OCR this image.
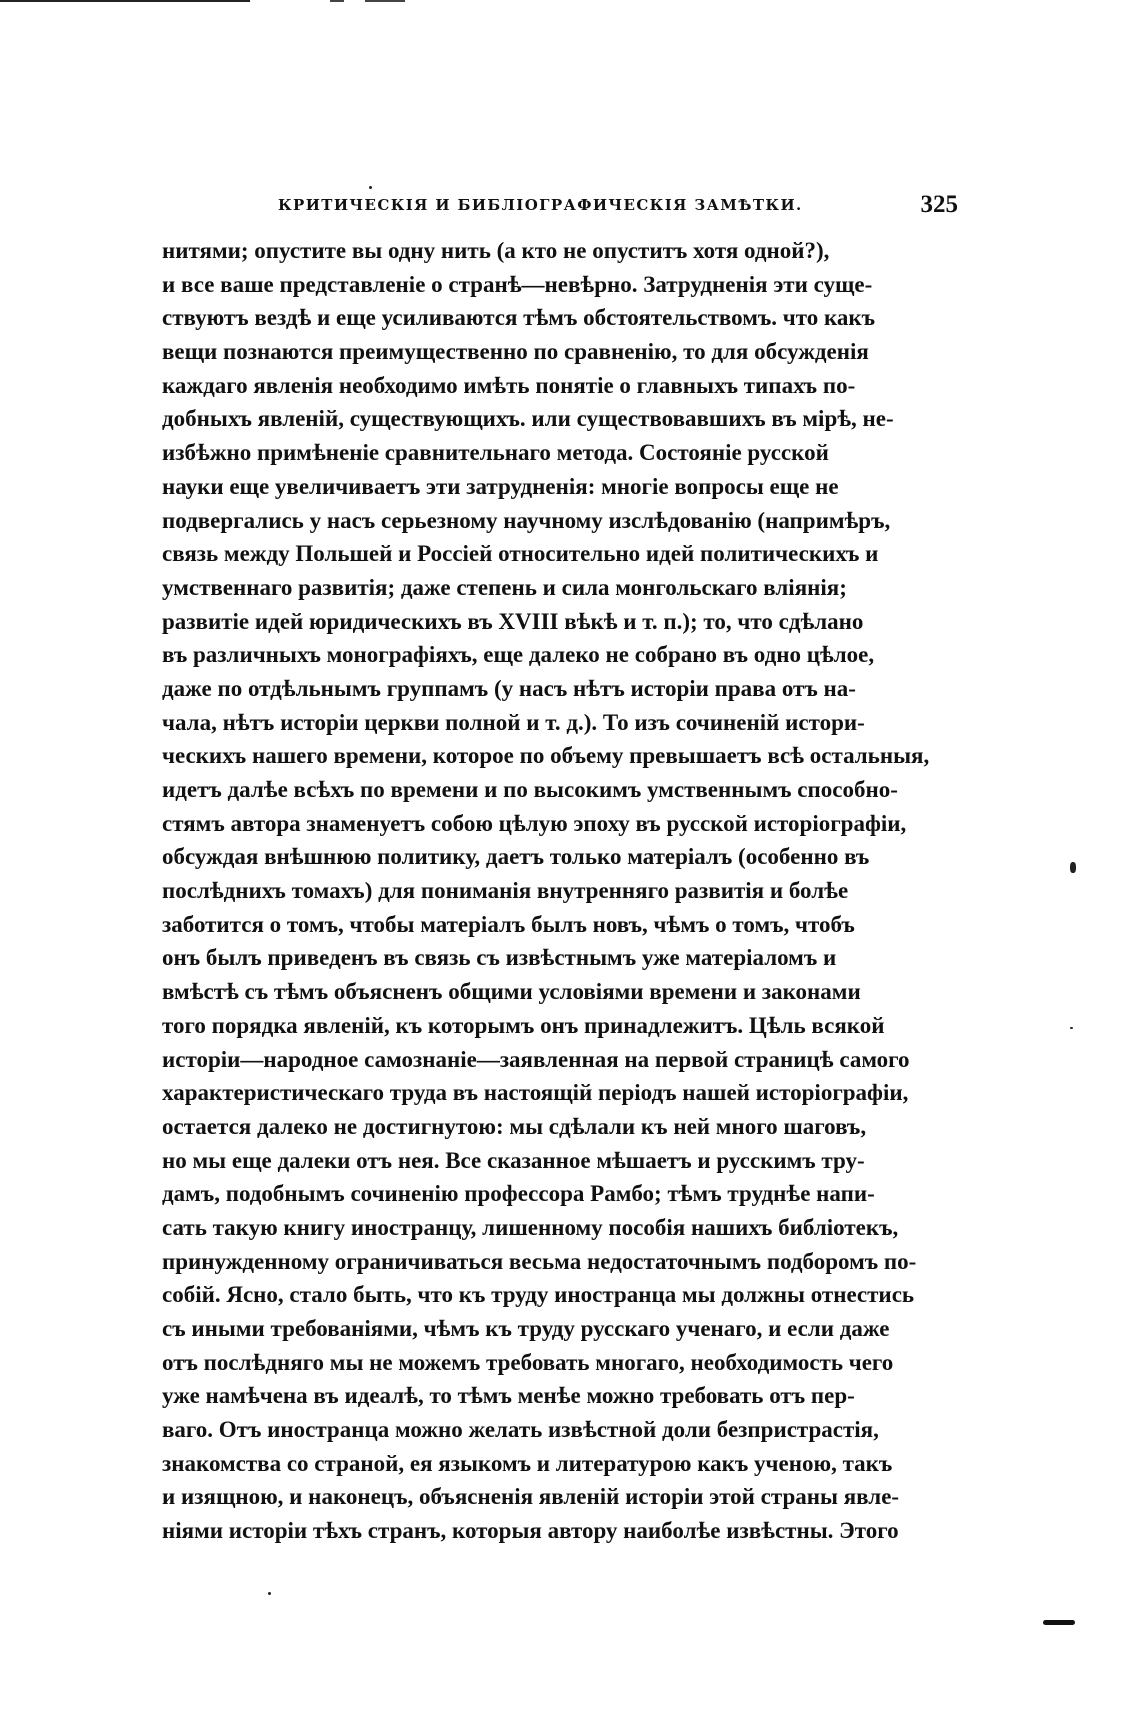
КРИТИЧЕСКІЯ И БИБЛІОГРАФИЧЕСКІЯ ЗАМѢТКИ.	325
нитями; опустите вы одну нить (а кто не опуститъ хотя одной?),
и все ваше представленіе о странѣ—невѣрно. Затрудненія эти суще-
ствуютъ вездѣ и еще усиливаются тѣмъ обстоятельствомъ. что какъ
вещи познаются преимущественно по сравненію, то для обсужденія
каждаго явленія необходимо имѣть понятіе о главныхъ типахъ по-
добныхъ явленій, существующихъ. или существовавшихъ въ мірѣ, не-
избѣжно примѣненіе сравнительнаго метода. Состояніе русской
науки еще увеличиваетъ эти затрудненія: многіе вопросы еще не
подвергались у насъ серьезному научному изслѣдованію (напримѣръ,
связь между Польшей и Россіей относительно идей политическихъ и
умственнаго развитія; даже степень и сила монгольскаго вліянія;
развитіе идей юридическихъ въ XVIII вѣкѣ и т. п.); то, что сдѣлано
въ различныхъ монографіяхъ, еще далеко не собрано въ одно цѣлое,
даже по отдѣльнымъ группамъ (у насъ нѣтъ исторіи права отъ на-
чала, нѣтъ исторіи церкви полной и т. д.). То изъ сочиненій истори-
ческихъ нашего времени, которое по объему превышаетъ всѣ остальныя,
идетъ далѣе всѣхъ по времени и по высокимъ умственнымъ способно-
стямъ автора знаменуетъ собою цѣлую эпоху въ русской исторіографіи,
обсуждая внѣшнюю политику, даетъ только матеріалъ (особенно въ
послѣднихъ томахъ) для пониманія внутренняго развитія и болѣе
заботится о томъ, чтобы матеріалъ былъ новъ, чѣмъ о томъ, чтобъ
онъ былъ приведенъ въ связь съ извѣстнымъ уже матеріаломъ и
вмѣстѣ съ тѣмъ объясненъ общими условіями времени и законами
того порядка явленій, къ которымъ онъ принадлежитъ. Цѣль всякой
исторіи—народное самознаніе—заявленная на первой страницѣ самого
характеристическаго труда въ настоящій періодъ нашей исторіографіи,
остается далеко не достигнутою: мы сдѣлали къ ней много шаговъ,
но мы еще далеки отъ нея. Все сказанное мѣшаетъ и русскимъ тру-
дамъ, подобнымъ сочиненію профессора Рамбо; тѣмъ труднѣе напи-
сать такую книгу иностранцу, лишенному пособія нашихъ библіотекъ,
принужденному ограничиваться весьма недостаточнымъ подборомъ по-
собій. Ясно, стало быть, что къ труду иностранца мы должны отнестись
съ иными требованіями, чѣмъ къ труду русскаго ученаго, и если даже
отъ послѣдняго мы не можемъ требовать многаго, необходимость чего
уже намѣчена въ идеалѣ, то тѣмъ менѣе можно требовать отъ пер-
ваго. Отъ иностранца можно желать извѣстной доли безпристрастія,
знакомства со страной, ея языкомъ и литературою какъ ученою, такъ
и изящною, и наконецъ, объясненія явленій исторіи этой страны явле-
ніями исторіи тѣхъ странъ, которыя автору наиболѣе извѣстны. Этого
